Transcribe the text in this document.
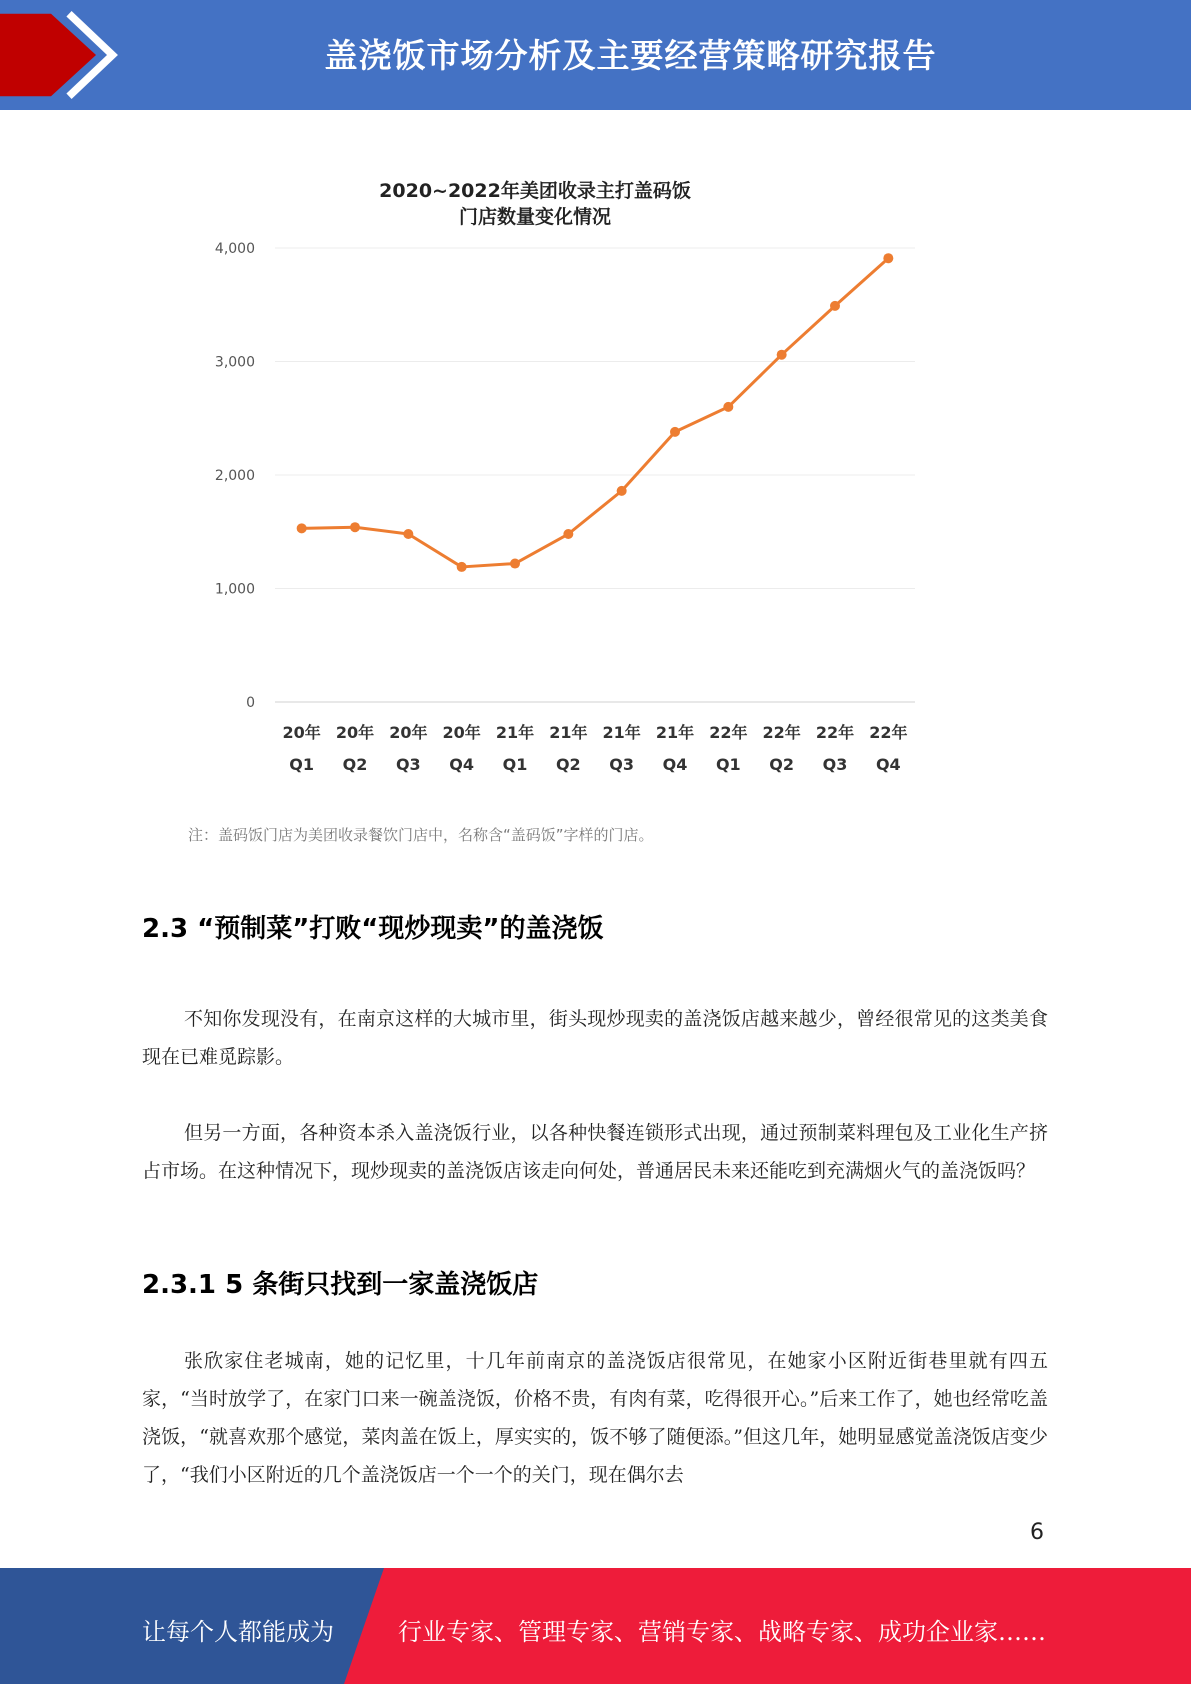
盖浇饭市场分析及主要经营策略研究报告
2020~2022年美团收录主打盖码饭
门店数量变化情况
0
1,000
2,000
3,000
4,000
20年
Q1
20年
Q2
20年
Q3
20年
Q4
21年
Q1
21年
Q2
21年
Q3
21年
Q4
22年
Q1
22年
Q2
22年
Q3
22年
Q4
注：盖码饭门店为美团收录餐饮门店中，名称含“盖码饭”字样的门店。
2.3 “预制菜”打败“现炒现卖”的盖浇饭
不知你发现没有，在南京这样的大城市里，街头现炒现卖的盖浇饭店越来越少，曾经很常见的这类美食现在已难觅踪影。
但另一方面，各种资本杀入盖浇饭行业，以各种快餐连锁形式出现，通过预制菜料理包及工业化生产挤占市场。在这种情况下，现炒现卖的盖浇饭店该走向何处，普通居民未来还能吃到充满烟火气的盖浇饭吗？
2.3.1 5 条街只找到一家盖浇饭店
张欣家住老城南，她的记忆里，十几年前南京的盖浇饭店很常见，在她家小区附近街巷里就有四五家，“当时放学了，在家门口来一碗盖浇饭，价格不贵，有肉有菜，吃得很开心。”后来工作了，她也经常吃盖浇饭，“就喜欢那个感觉，菜肉盖在饭上，厚实实的，饭不够了随便添。”但这几年，她明显感觉盖浇饭店变少了，“我们小区附近的几个盖浇饭店一个一个的关门，现在偶尔去
6
让每个人都能成为	行业专家、管理专家、营销专家、战略专家、成功企业家……
